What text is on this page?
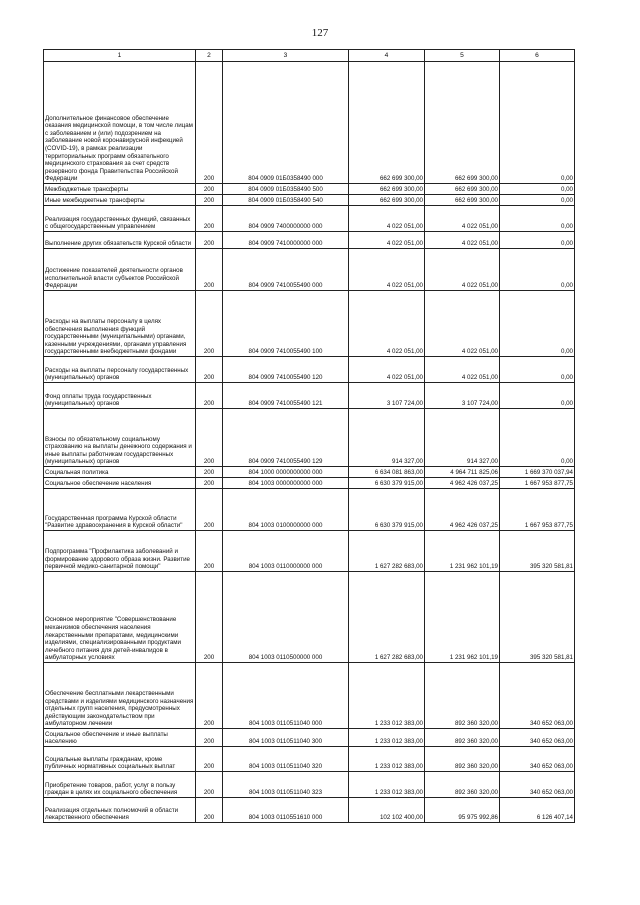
127
1	2	3	4	5	6
Дополнительное финансовое обеспечение оказания медицинской помощи, в том числе лицам с заболеванием и (или) подозрением на заболевание новой коронавирусной инфекцией (COVID-19), в рамках реализации территориальных программ обязательного медицинского страхования за счет средств резервного фонда Правительства Российской Федерации	200	804 0909 01Б0358490 000	662 699 300,00	662 699 300,00	0,00
Межбюджетные трансферты	200	804 0909 01Б0358490 500	662 699 300,00	662 699 300,00	0,00
Иные межбюджетные трансферты	200	804 0909 01Б0358490 540	662 699 300,00	662 699 300,00	0,00
Реализация государственных функций, связанных с общегосударственным управлением	200	804 0909 7400000000 000	4 022 051,00	4 022 051,00	0,00
Выполнение других обязательств Курской области	200	804 0909 7410000000 000	4 022 051,00	4 022 051,00	0,00
Достижение показателей деятельности органов исполнительной власти субъектов Российской Федерации	200	804 0909 7410055490 000	4 022 051,00	4 022 051,00	0,00
Расходы на выплаты персоналу в целях обеспечения выполнения функций государственными (муниципальными) органами, казенными учреждениями, органами управления государственными внебюджетными фондами	200	804 0909 7410055490 100	4 022 051,00	4 022 051,00	0,00
Расходы на выплаты персоналу государственных (муниципальных) органов	200	804 0909 7410055490 120	4 022 051,00	4 022 051,00	0,00
Фонд оплаты труда государственных (муниципальных) органов	200	804 0909 7410055490 121	3 107 724,00	3 107 724,00	0,00
Взносы по обязательному социальному страхованию на выплаты денежного содержания и иные выплаты работникам государственных (муниципальных) органов	200	804 0909 7410055490 129	914 327,00	914 327,00	0,00
Социальная политика	200	804 1000 0000000000 000	6 634 081 863,00	4 964 711 825,06	1 669 370 037,94
Социальное обеспечение населения	200	804 1003 0000000000 000	6 630 379 915,00	4 962 426 037,25	1 667 953 877,75
Государственная программа Курской области "Развитие здравоохранения в Курской области"	200	804 1003 0100000000 000	6 630 379 915,00	4 962 426 037,25	1 667 953 877,75
Подпрограмма "Профилактика заболеваний и формирование здорового образа жизни. Развитие первичной медико-санитарной помощи"	200	804 1003 0110000000 000	1 627 282 683,00	1 231 962 101,19	395 320 581,81
Основное мероприятие "Совершенствование механизмов обеспечения населения лекарственными препаратами, медицинскими изделиями, специализированными продуктами лечебного питания для детей-инвалидов в амбулаторных условиях	200	804 1003 0110500000 000	1 627 282 683,00	1 231 962 101,19	395 320 581,81
Обеспечение бесплатными лекарственными средствами и изделиями медицинского назначения отдельных групп населения, предусмотренных действующим законодательством при амбулаторном лечении	200	804 1003 0110511040 000	1 233 012 383,00	892 360 320,00	340 652 063,00
Социальное обеспечение и иные выплаты населению	200	804 1003 0110511040 300	1 233 012 383,00	892 360 320,00	340 652 063,00
Социальные выплаты гражданам, кроме публичных нормативных социальных выплат	200	804 1003 0110511040 320	1 233 012 383,00	892 360 320,00	340 652 063,00
Приобретение товаров, работ, услуг в пользу граждан в целях их социального обеспечения	200	804 1003 0110511040 323	1 233 012 383,00	892 360 320,00	340 652 063,00
Реализация отдельных полномочий в области лекарственного обеспечения	200	804 1003 0110551610 000	102 102 400,00	95 975 992,86	6 126 407,14
